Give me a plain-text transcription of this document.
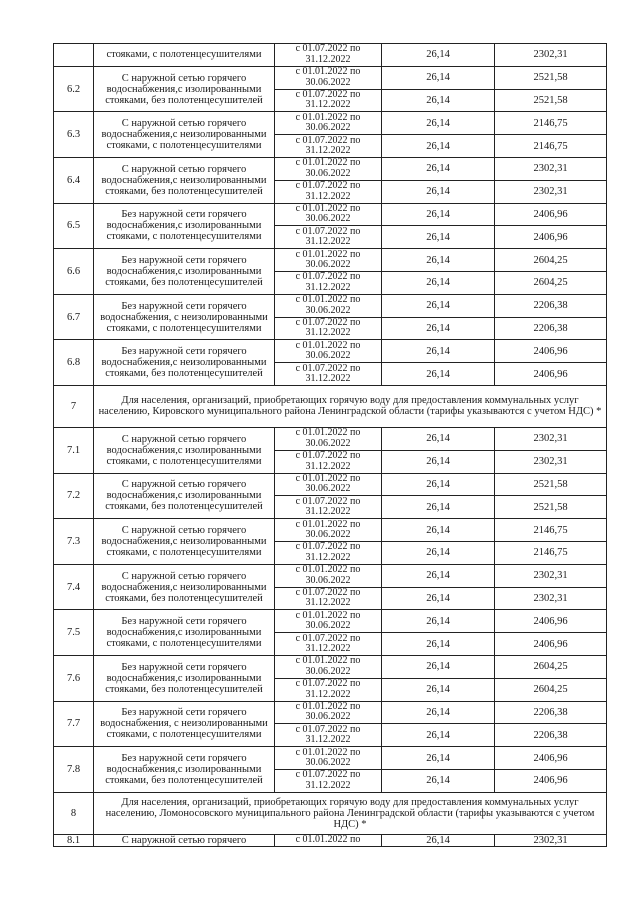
	стояками, с полотенцесушителями	с 01.07.2022 по 31.12.2022	26,14	2302,31
6.2	С наружной сетью горячего водоснабжения,с изолированными стояками, без полотенцесушителей	с 01.01.2022 по 30.06.2022	26,14	2521,58
		с 01.07.2022 по 31.12.2022	26,14	2521,58
6.3	С наружной сетью горячего водоснабжения,с неизолированными стояками, с полотенцесушителями	с 01.01.2022 по 30.06.2022	26,14	2146,75
		с 01.07.2022 по 31.12.2022	26,14	2146,75
6.4	С наружной сетью горячего водоснабжения,с неизолированными стояками, без полотенцесушителей	с 01.01.2022 по 30.06.2022	26,14	2302,31
		с 01.07.2022 по 31.12.2022	26,14	2302,31
6.5	Без наружной сети горячего водоснабжения,с изолированными стояками, с полотенцесушителями	с 01.01.2022 по 30.06.2022	26,14	2406,96
		с 01.07.2022 по 31.12.2022	26,14	2406,96
6.6	Без наружной сети горячего водоснабжения,с изолированными стояками, без полотенцесушителей	с 01.01.2022 по 30.06.2022	26,14	2604,25
		с 01.07.2022 по 31.12.2022	26,14	2604,25
6.7	Без наружной сети горячего водоснабжения, с неизолированными стояками, с полотенцесушителями	с 01.01.2022 по 30.06.2022	26,14	2206,38
		с 01.07.2022 по 31.12.2022	26,14	2206,38
6.8	Без наружной сети горячего водоснабжения,с неизолированными стояками, без полотенцесушителей	с 01.01.2022 по 30.06.2022	26,14	2406,96
		с 01.07.2022 по 31.12.2022	26,14	2406,96
7	Для населения, организаций, приобретающих горячую воду для предоставления коммунальных услуг населению, Кировского муниципального района Ленинградской области (тарифы указываются с учетом НДС) *			
7.1	С наружной сетью горячего водоснабжения,с изолированными стояками, с полотенцесушителями	с 01.01.2022 по 30.06.2022	26,14	2302,31
		с 01.07.2022 по 31.12.2022	26,14	2302,31
7.2	С наружной сетью горячего водоснабжения,с изолированными стояками, без полотенцесушителей	с 01.01.2022 по 30.06.2022	26,14	2521,58
		с 01.07.2022 по 31.12.2022	26,14	2521,58
7.3	С наружной сетью горячего водоснабжения,с неизолированными стояками, с полотенцесушителями	с 01.01.2022 по 30.06.2022	26,14	2146,75
		с 01.07.2022 по 31.12.2022	26,14	2146,75
7.4	С наружной сетью горячего водоснабжения,с неизолированными стояками, без полотенцесушителей	с 01.01.2022 по 30.06.2022	26,14	2302,31
		с 01.07.2022 по 31.12.2022	26,14	2302,31
7.5	Без наружной сети горячего водоснабжения,с изолированными стояками, с полотенцесушителями	с 01.01.2022 по 30.06.2022	26,14	2406,96
		с 01.07.2022 по 31.12.2022	26,14	2406,96
7.6	Без наружной сети горячего водоснабжения,с изолированными стояками, без полотенцесушителей	с 01.01.2022 по 30.06.2022	26,14	2604,25
		с 01.07.2022 по 31.12.2022	26,14	2604,25
7.7	Без наружной сети горячего водоснабжения, с неизолированными стояками, с полотенцесушителями	с 01.01.2022 по 30.06.2022	26,14	2206,38
		с 01.07.2022 по 31.12.2022	26,14	2206,38
7.8	Без наружной сети горячего водоснабжения,с изолированными стояками, без полотенцесушителей	с 01.01.2022 по 30.06.2022	26,14	2406,96
		с 01.07.2022 по 31.12.2022	26,14	2406,96
8	Для населения, организаций, приобретающих горячую воду для предоставления коммунальных услуг населению, Ломоносовского муниципального района Ленинградской области (тарифы указываются с учетом НДС) *			
8.1	С наружной сетью горячего	с 01.01.2022 по	26,14	2302,31
